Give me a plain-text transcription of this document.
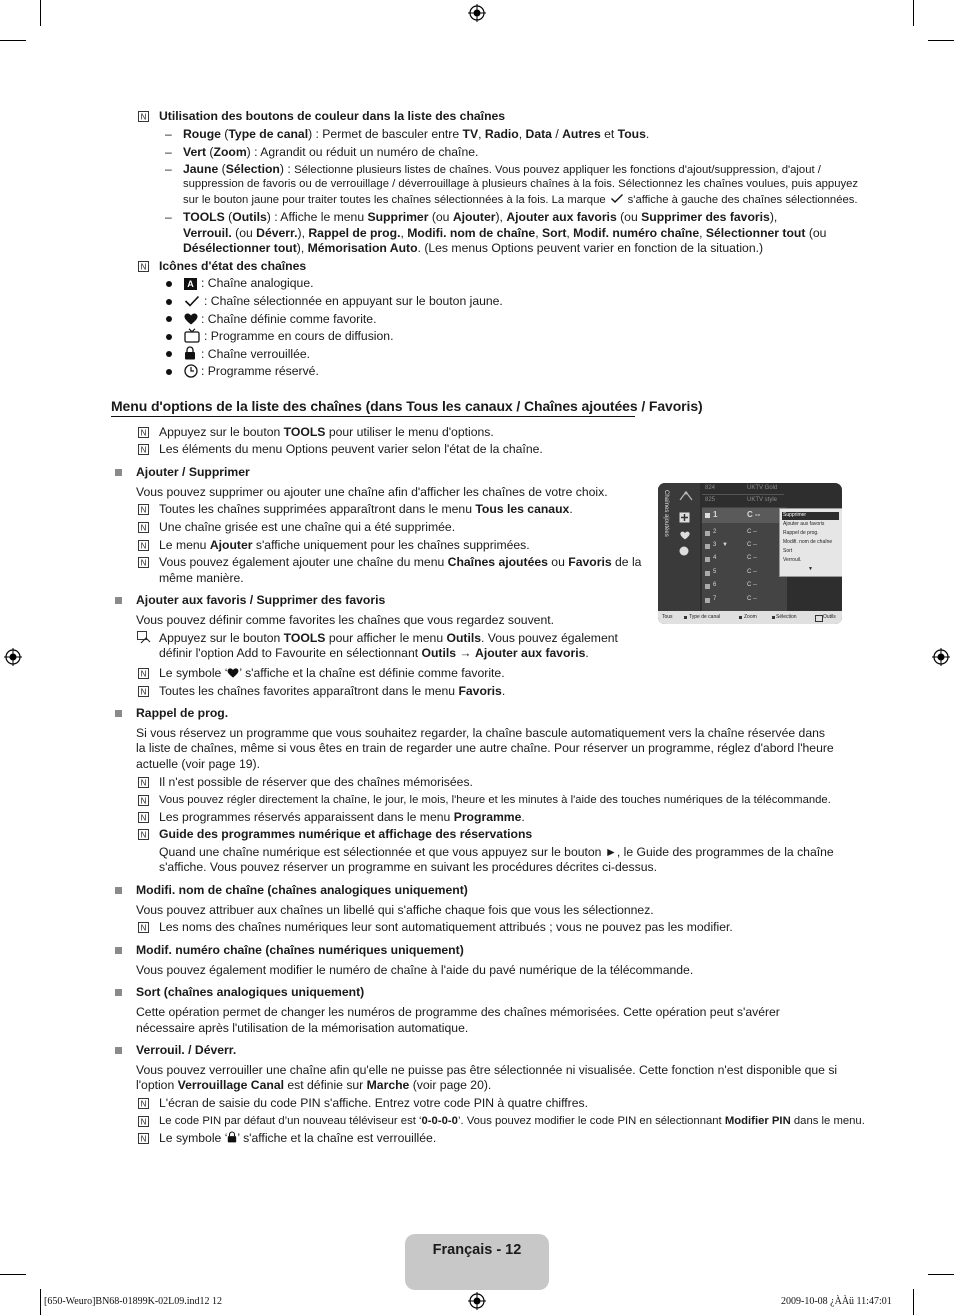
N Utilisation des boutons de couleur dans la liste des chaînes
– Rouge (Type de canal) : Permet de basculer entre TV, Radio, Data / Autres et Tous.
– Vert (Zoom) : Agrandit ou réduit un numéro de chaîne.
– Jaune (Sélection) : Sélectionne plusieurs listes de chaînes. Vous pouvez appliquer les fonctions d'ajout/suppression, d'ajout /
suppression de favoris ou de verrouillage / déverrouillage à plusieurs chaînes à la fois. Sélectionnez les chaînes voulues, puis appuyez
sur le bouton jaune pour traiter toutes les chaînes sélectionnées à la fois. La marque s'affiche à gauche des chaînes sélectionnées.
– TOOLS (Outils) : Affiche le menu Supprimer (ou Ajouter), Ajouter aux favoris (ou Supprimer des favoris),
Verrouil. (ou Déverr.), Rappel de prog., Modifi. nom de chaîne, Sort, Modif. numéro chaîne, Sélectionner tout (ou
Désélectionner tout), Mémorisation Auto. (Les menus Options peuvent varier en fonction de la situation.)
N Icônes d'état des chaînes
A : Chaîne analogique.
: Chaîne sélectionnée en appuyant sur le bouton jaune.
: Chaîne définie comme favorite.
: Programme en cours de diffusion.
: Chaîne verrouillée.
: Programme réservé.
Menu d'options de la liste des chaînes (dans Tous les canaux / Chaînes ajoutées / Favoris)
N Appuyez sur le bouton TOOLS pour utiliser le menu d'options.
N Les éléments du menu Options peuvent varier selon l'état de la chaîne.
Ajouter / Supprimer
Vous pouvez supprimer ou ajouter une chaîne afin d'afficher les chaînes de votre choix.
N Toutes les chaînes supprimées apparaîtront dans le menu Tous les canaux.
N Une chaîne grisée est une chaîne qui a été supprimée.
N Le menu Ajouter s'affiche uniquement pour les chaînes supprimées.
N Vous pouvez également ajouter une chaîne du menu Chaînes ajoutées ou Favoris de la
même manière.
Chaînes ajoutées
824	UKTV Gold
825	UKTV style
1	C --
2	C --
3 ▼	C --
4	C --
5	C --
6	C --
7	C --
Supprimer
Ajouter aux favoris
Rappel de prog.
Modifi. nom de chaîne
Sort
Verrouil.
▼
Tous	Type de canal	Zoom	Sélection	Outils
Ajouter aux favoris / Supprimer des favoris
Vous pouvez définir comme favorites les chaînes que vous regardez souvent.
Appuyez sur le bouton TOOLS pour afficher le menu Outils. Vous pouvez également
définir l'option Add to Favourite en sélectionnant Outils → Ajouter aux favoris.
N Le symbole ‘ ’ s'affiche et la chaîne est définie comme favorite.
N Toutes les chaînes favorites apparaîtront dans le menu Favoris.
Rappel de prog.
Si vous réservez un programme que vous souhaitez regarder, la chaîne bascule automatiquement vers la chaîne réservée dans
la liste de chaînes, même si vous êtes en train de regarder une autre chaîne. Pour réserver un programme, réglez d'abord l'heure
actuelle (voir page 19).
N Il n'est possible de réserver que des chaînes mémorisées.
N Vous pouvez régler directement la chaîne, le jour, le mois, l'heure et les minutes à l'aide des touches numériques de la télécommande.
N Les programmes réservés apparaissent dans le menu Programme.
N Guide des programmes numérique et affichage des réservations
Quand une chaîne numérique est sélectionnée et que vous appuyez sur le bouton ►, le Guide des programmes de la chaîne
s'affiche. Vous pouvez réserver un programme en suivant les procédures décrites ci-dessus.
Modifi. nom de chaîne (chaînes analogiques uniquement)
Vous pouvez attribuer aux chaînes un libellé qui s'affiche chaque fois que vous les sélectionnez.
N Les noms des chaînes numériques leur sont automatiquement attribués ; vous ne pouvez pas les modifier.
Modif. numéro chaîne (chaînes numériques uniquement)
Vous pouvez également modifier le numéro de chaîne à l'aide du pavé numérique de la télécommande.
Sort (chaînes analogiques uniquement)
Cette opération permet de changer les numéros de programme des chaînes mémorisées. Cette opération peut s'avérer
nécessaire après l'utilisation de la mémorisation automatique.
Verrouil. / Déverr.
Vous pouvez verrouiller une chaîne afin qu'elle ne puisse pas être sélectionnée ni visualisée. Cette fonction n'est disponible que si
l'option Verrouillage Canal est définie sur Marche (voir page 20).
N L'écran de saisie du code PIN s'affiche. Entrez votre code PIN à quatre chiffres.
N Le code PIN par défaut d’un nouveau téléviseur est ‘0-0-0-0’. Vous pouvez modifier le code PIN en sélectionnant Modifier PIN dans le menu.
N Le symbole ‘ ’ s'affiche et la chaîne est verrouillée.
Français - 12
[650-Weuro]BN68-01899K-02L09.ind12 12	2009-10-08 ¿ÀÀü 11:47:01
